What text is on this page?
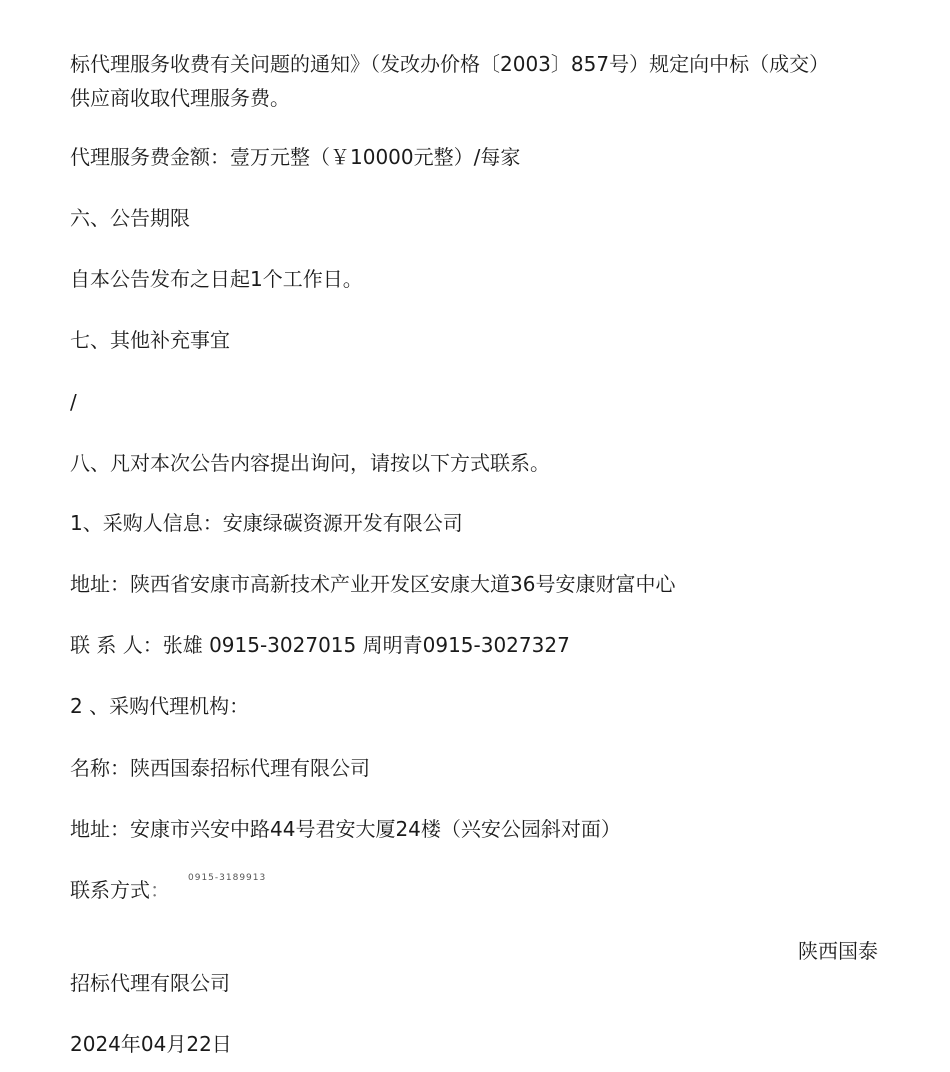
标代理服务收费有关问题的通知》（发改办价格〔2003〕857号）规定向中标（成交）
供应商收取代理服务费。
代理服务费金额：壹万元整（￥10000元整）/每家
六、公告期限
自本公告发布之日起1个工作日。
七、其他补充事宜
/
八、凡对本次公告内容提出询问，请按以下方式联系。
1、采购人信息：安康绿碳资源开发有限公司
地址：陕西省安康市高新技术产业开发区安康大道36号安康财富中心
联 系 人：张雄 0915-3027015 周明青0915-3027327
2 、采购代理机构：
名称：陕西国泰招标代理有限公司
地址：安康市兴安中路44号君安大厦24楼（兴安公园斜对面）
联系方式 ： 0915-3189913
陕西国泰
招标代理有限公司
2024年04月22日
